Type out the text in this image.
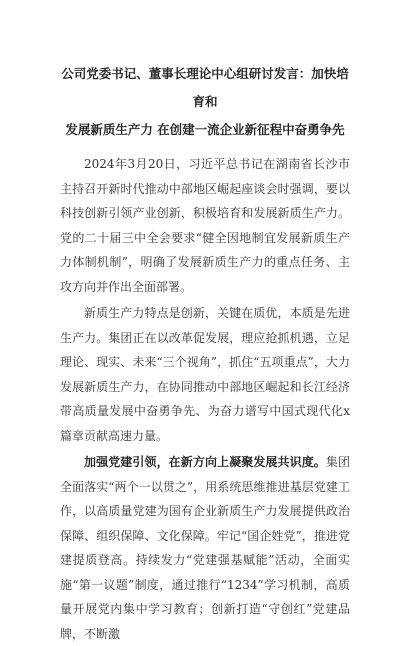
公司党委书记、董事长理论中心组研讨发言：加快培育和
发展新质生产力 在创建一流企业新征程中奋勇争先

2024年3月20日，习近平总书记在湖南省长沙市主持召开新时代推动中部地区崛起座谈会时强调，要以科技创新引领产业创新，积极培育和发展新质生产力。党的二十届三中全会要求“健全因地制宜发展新质生产力体制机制”，明确了发展新质生产力的重点任务、主攻方向并作出全面部署。

新质生产力特点是创新，关键在质优，本质是先进生产力。集团正在以改革促发展，理应抢抓机遇，立足理论、现实、未来“三个视角”，抓住“五项重点”，大力发展新质生产力，在协同推动中部地区崛起和长江经济带高质量发展中奋勇争先、为奋力谱写中国式现代化x篇章贡献高速力量。

加强党建引领，在新方向上凝聚发展共识度。集团全面落实“两个一以贯之”，用系统思维推进基层党建工作，以高质量党建为国有企业新质生产力发展提供政治保障、组织保障、文化保障。牢记“国企姓党”，推进党建提质登高。持续发力“党建强基赋能”活动，全面实施“第一议题”制度，通过推行“1234”学习机制，高质量开展党内集中学习教育；创新打造“守创红”党建品牌，不断激
